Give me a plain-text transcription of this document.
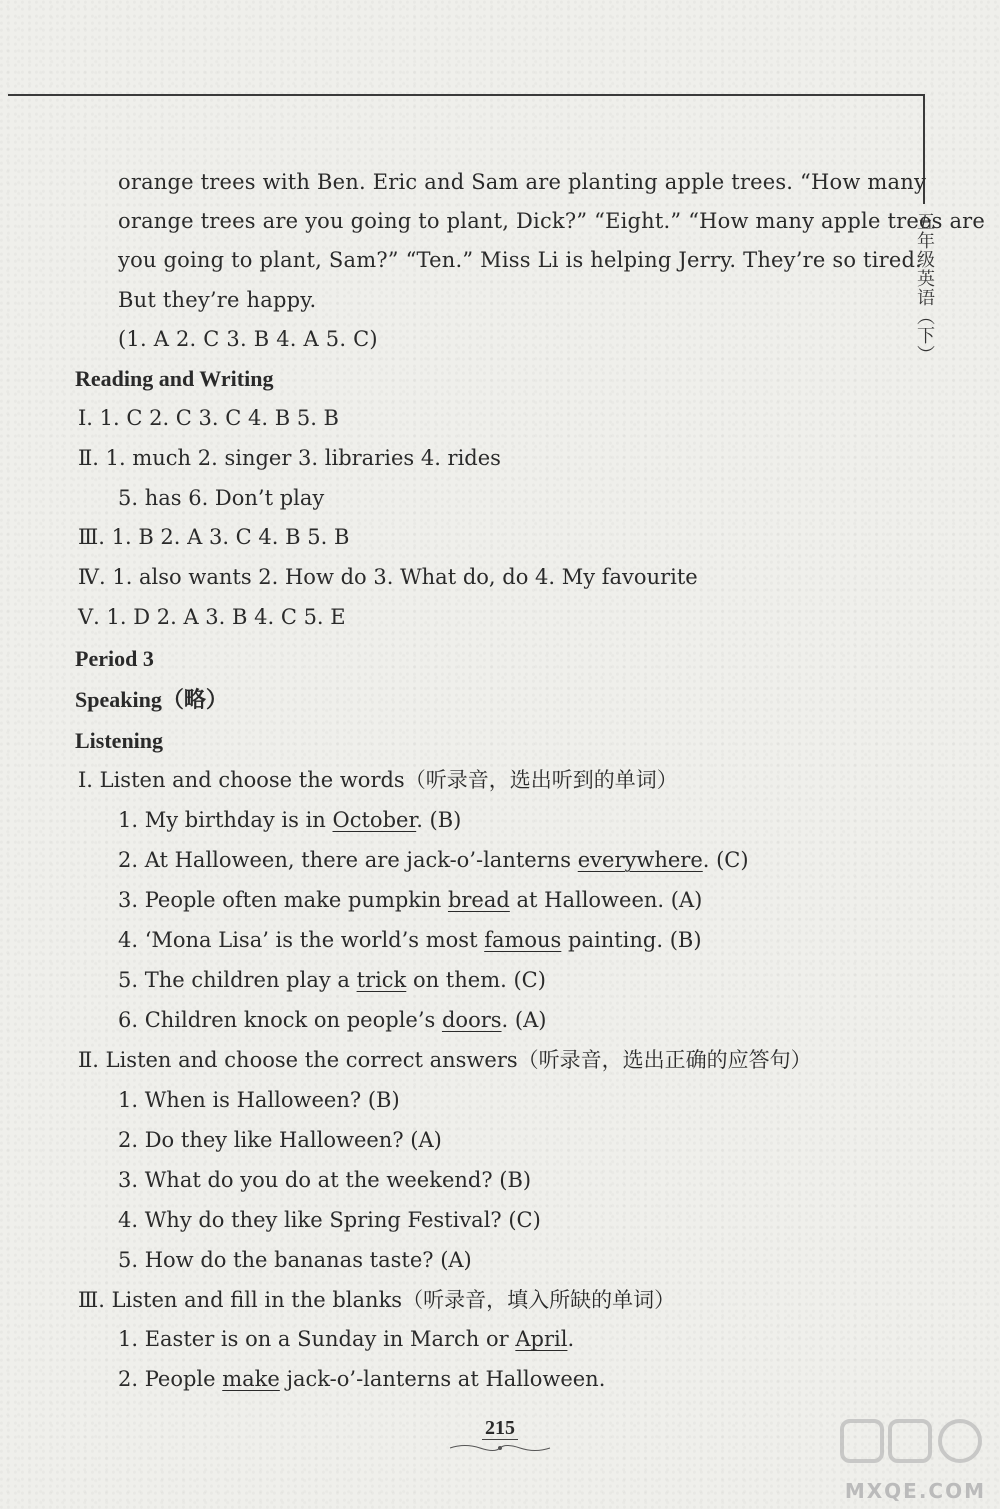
五年级英语（下）
orange trees with Ben. Eric and Sam are planting apple trees. “How many
orange trees are you going to plant, Dick?” “Eight.” “How many apple trees are
you going to plant, Sam?” “Ten.” Miss Li is helping Jerry. They’re so tired.
But they’re happy.
(1. A 2. C 3. B 4. A 5. C)
Reading and Writing
Ⅰ. 1. C 2. C 3. C 4. B 5. B
Ⅱ. 1. much 2. singer 3. libraries 4. rides
5. has 6. Don’t play
Ⅲ. 1. B 2. A 3. C 4. B 5. B
Ⅳ. 1. also wants 2. How do 3. What do, do 4. My favourite
Ⅴ. 1. D 2. A 3. B 4. C 5. E
Period 3
Speaking（略）
Listening
Ⅰ. Listen and choose the words（听录音，选出听到的单词）
1. My birthday is in October. (B)
2. At Halloween, there are jack-o’-lanterns everywhere. (C)
3. People often make pumpkin bread at Halloween. (A)
4. ‘Mona Lisa’ is the world’s most famous painting. (B)
5. The children play a trick on them. (C)
6. Children knock on people’s doors. (A)
Ⅱ. Listen and choose the correct answers（听录音，选出正确的应答句）
1. When is Halloween? (B)
2. Do they like Halloween? (A)
3. What do you do at the weekend? (B)
4. Why do they like Spring Festival? (C)
5. How do the bananas taste? (A)
Ⅲ. Listen and fill in the blanks（听录音，填入所缺的单词）
1. Easter is on a Sunday in March or April.
2. People make jack-o’-lanterns at Halloween.
215
MXQE.COM
